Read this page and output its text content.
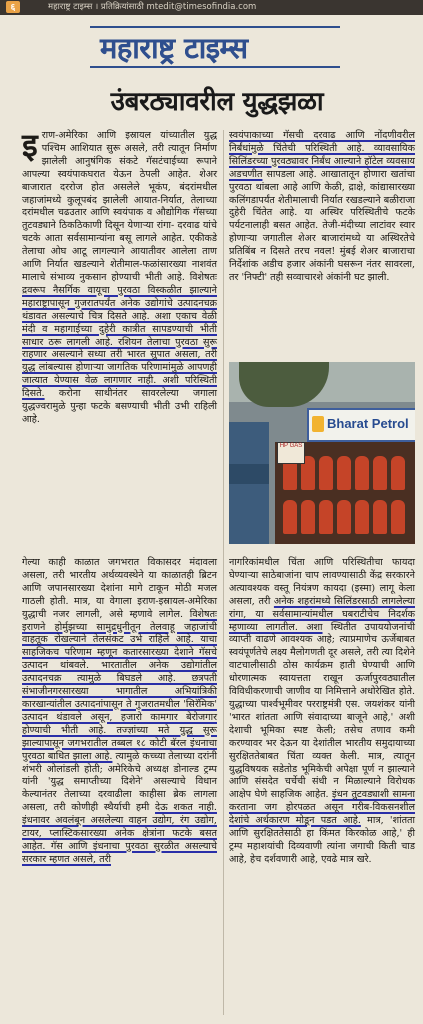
६	महाराष्ट्र टाइम्स । प्रतिक्रियांसाठी mtedit@timesofindia.com
महाराष्ट्र टाइम्स
उंबरठ्यावरील युद्धझळा

इराण-अमेरिका आणि इस्रायल यांच्यातील युद्ध पश्चिम आशियात सुरू असले, तरी त्यातून निर्माण झालेली आनुषंगिक संकटे गॅसटंचाईच्या रूपाने आपल्या स्वयंपाकघरात येऊन ठेपली आहेत. शेअर बाजारात दररोज होत असलेले भूकंप, बंदरांमधील जहाजांमध्ये कुलूपबंद झालेली आयात-निर्यात, तेलाच्या दरांमधील चढउतार आणि स्वयंपाक व औद्योगिक गॅसच्या तुटवड्याने ठिकठिकाणी दिसून येणाऱ्या रांगा- दरवाढ यांचे चटके आता सर्वसामान्यांना बसू लागले आहेत. एकीकडे तेलाचा ओघ आटू लागल्याने आयातीवर आलेला ताण आणि निर्यात खडल्याने शेतीमाल-फळांसारख्या नाशवंत मालाचे संभाव्य नुकसान होण्याची भीती आहे. विशेषतः द्रवरूप नैसर्गिक वायूचा पुरवठा विस्कळीत झाल्याने महाराष्ट्रापासून गुजरातपर्यंत अनेक उद्योगांचे उत्पादनचक्र थंडावत असल्याचे चित्र दिसते आहे. अशा एकाच वेळी मंदी व महागाईच्या दुहेरी कात्रीत सापडण्याची भीती साधार ठरू लागली आहे. रशियन तेलाचा पुरवठा सुरू राहणार असल्याने सध्या तरी भारत सुपात असला, तरी युद्ध लांबल्यास होणाऱ्या जागतिक परिणामांमुळे आपणही जात्यात येण्यास वेळ लागणार नाही. अशी परिस्थिती दिसते. करोना साथीनंतर सावरलेल्या जगाला युद्धज्वरामुळे पुन्हा फटके बसण्याची भीती उभी राहिली आहे.

गेल्या काही काळात जगभरात विकासदर मंदावला असला, तरी भारतीय अर्थव्यवस्थेने या काळातही ब्रिटन आणि जपानसारख्या देशांना मागे टाकून मोठी मजल गाठली होती. मात्र, या वेगाला इराण-इस्रायल-अमेरिका युद्धाची नजर लागली, असे म्हणावे लागेल. विशेषतः इराणने होर्मुझच्या सामुद्रधुनीतून तेलवाहू जहाजांची वाहतूक रोखल्याने तेलसंकट उभे राहिले आहे. याचा साहजिकच परिणाम म्हणून कतारसारख्या देशाने गॅसचे उत्पादन थांबवले. भारतातील अनेक उद्योगांतील उत्पादनचक्र त्यामुळे बिघडले आहे. छत्रपती संभाजीनगरसारख्या भागातील अभियांत्रिकी कारखान्यांतील उत्पादनांपासून ते गुजरातमधील 'सिरॅमिक' उत्पादन थंडावले असून, हजारो कामगार बेरोजगार होण्याची भीती आहे. तज्ज्ञांच्या मते युद्ध सुरू झाल्यापासून जगभरातील तब्बल १८ कोटी बॅरल इंधनाचा पुरवठा बाधित झाला आहे. त्यामुळे कच्च्या तेलाच्या दरांनी शंभरी ओलांडली होती; अमेरिकेचे अध्यक्ष डोनाल्ड ट्रम्प यांनी 'युद्ध समाप्तीच्या दिशेने' असल्याचे विधान केल्यानंतर तेलाच्या दरवाढीला काहीसा ब्रेक लागला असला, तरी कोणीही स्थैर्याची हमी देऊ शकत नाही. इंधनावर अवलंबून असलेल्या वाहन उद्योग, रंग उद्योग, टायर, प्लास्टिकसारख्या अनेक क्षेत्रांना फटके बसत आहेत. गॅस आणि इंधनाचा पुरवठा सुरळीत असल्याचे सरकार म्हणत असले, तरी

स्वयंपाकाच्या गॅसची दरवाढ आणि नोंदणीवरील निर्बंधांमुळे चिंतेची परिस्थिती आहे. व्यावसायिक सिलिंडरच्या पुरवठ्यावर निर्बंध आल्याने हॉटेल व्यवसाय अडचणीत सापडला आहे. आखातातून होणारा खतांचा पुरवठा थांबला आहे आणि केळी, द्राक्षे, कांद्यासारख्या कलिंगडापर्यंत शेतीमालाची निर्यात रखडल्याने बळीराजा दुहेरी चिंतेत आहे. या अस्थिर परिस्थितीचे फटके पर्यटनालाही बसत आहेत. तेजी-मंदीच्या लाटांवर स्वार होणाऱ्या जगातील शेअर बाजारांमध्ये या अस्थिरतेचे प्रतिबिंब न दिसते तरच नवल! मुंबई शेअर बाजाराचा निर्देशांक अडीच हजार अंकांनी घसरून नंतर सावरला, तर 'निफ्टी' तही सव्वाचारशे अंकांनी घट झाली.

Bharat Petrol
HP GAS

नागरिकांमधील चिंता आणि परिस्थितीचा फायदा घेण्याऱ्या साठेबाजांना चाप लावण्यासाठी केंद्र सरकारने अत्यावश्यक वस्तू नियंत्रण कायदा (इस्मा) लागू केला असला, तरी अनेक शहरांमध्ये सिलिंडरसाठी लागलेल्या रांगा, या सर्वसामान्यांमधील घबराटीचेच निदर्शक म्हणाव्या लागतील. अशा स्थितीत उपाययोजनांची व्याप्ती वाढणे आवश्यक आहे; त्याप्रमाणेच ऊर्जेबाबत स्वयंपूर्णतेचे लक्ष्य मैलोगणती दूर असले, तरी त्या दिशेने वाटचालीसाठी ठोस कार्यक्रम हाती घेण्याची आणि धोरणात्मक स्वायत्तता राखून ऊर्जापुरवठ्यातील विविधीकरणाची जाणीव या निमित्ताने अधोरेखित होते. युद्धाच्या पार्श्वभूमीवर परराष्ट्रमंत्री एस. जयशंकर यांनी 'भारत शांतता आणि संवादाच्या बाजूने आहे,' अशी देशाची भूमिका स्पष्ट केली; तसेच तणाव कमी करण्यावर भर देऊन या देशांतील भारतीय समुदायाच्या सुरक्षिततेबाबत चिंता व्यक्त केली. मात्र, त्यातून युद्धविषयक सडेतोड भूमिकेची अपेक्षा पूर्ण न झाल्याने आणि संसदेत चर्चेची संधी न मिळाल्याने विरोधक आक्षेप घेणे साहजिक आहेत. इंधन तुटवड्याशी सामना करताना जग होरपळत असून गरीब-विकसनशील देशांचे अर्थकारण मोडून पडत आहे. मात्र, 'शांतता आणि सुरक्षिततेसाठी हा किंमत किरकोळ आहे,' ही ट्रम्प महाशयांची दिव्यवाणी त्यांना जगाची किती चाड आहे, हेच दर्शवणारी आहे, एवढे मात्र खरे.
